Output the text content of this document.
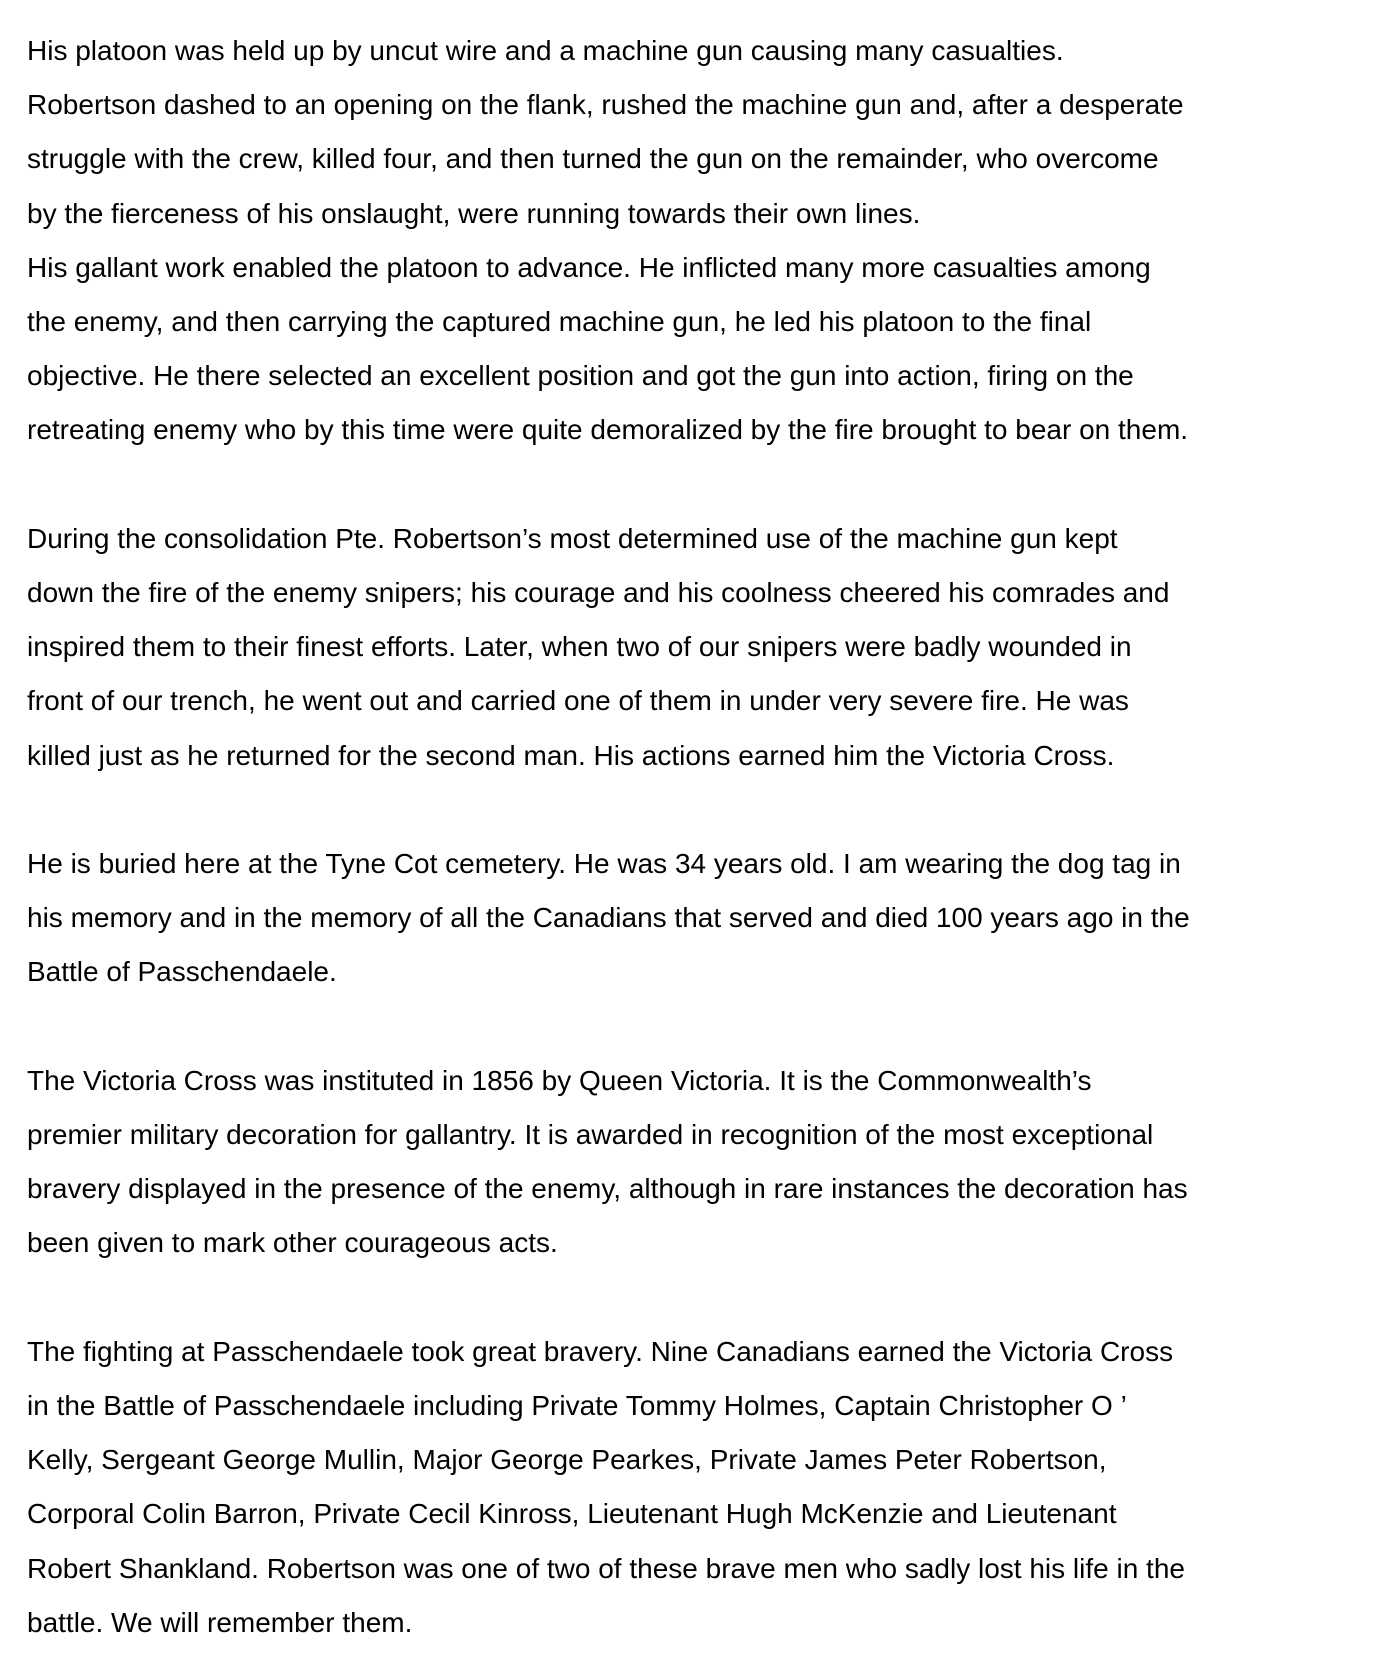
His platoon was held up by uncut wire and a machine gun causing many casualties.
Robertson dashed to an opening on the flank, rushed the machine gun and, after a desperate
struggle with the crew, killed four, and then turned the gun on the remainder, who overcome
by the fierceness of his onslaught, were running towards their own lines.
His gallant work enabled the platoon to advance. He inflicted many more casualties among
the enemy, and then carrying the captured machine gun, he led his platoon to the final
objective. He there selected an excellent position and got the gun into action, firing on the
retreating enemy who by this time were quite demoralized by the fire brought to bear on them.
During the consolidation Pte. Robertson’s most determined use of the machine gun kept
down the fire of the enemy snipers; his courage and his coolness cheered his comrades and
inspired them to their finest efforts. Later, when two of our snipers were badly wounded in
front of our trench, he went out and carried one of them in under very severe fire. He was
killed just as he returned for the second man. His actions earned him the Victoria Cross.
He is buried here at the Tyne Cot cemetery. He was 34 years old. I am wearing the dog tag in
his memory and in the memory of all the Canadians that served and died 100 years ago in the
Battle of Passchendaele.
The Victoria Cross was instituted in 1856 by Queen Victoria. It is the Commonwealth’s
premier military decoration for gallantry. It is awarded in recognition of the most exceptional
bravery displayed in the presence of the enemy, although in rare instances the decoration has
been given to mark other courageous acts.
The fighting at Passchendaele took great bravery. Nine Canadians earned the Victoria Cross
in the Battle of Passchendaele including Private Tommy Holmes, Captain Christopher O ’
Kelly, Sergeant George Mullin, Major George Pearkes, Private James Peter Robertson,
Corporal Colin Barron, Private Cecil Kinross, Lieutenant Hugh McKenzie and Lieutenant
Robert Shankland. Robertson was one of two of these brave men who sadly lost his life in the
battle. We will remember them.
